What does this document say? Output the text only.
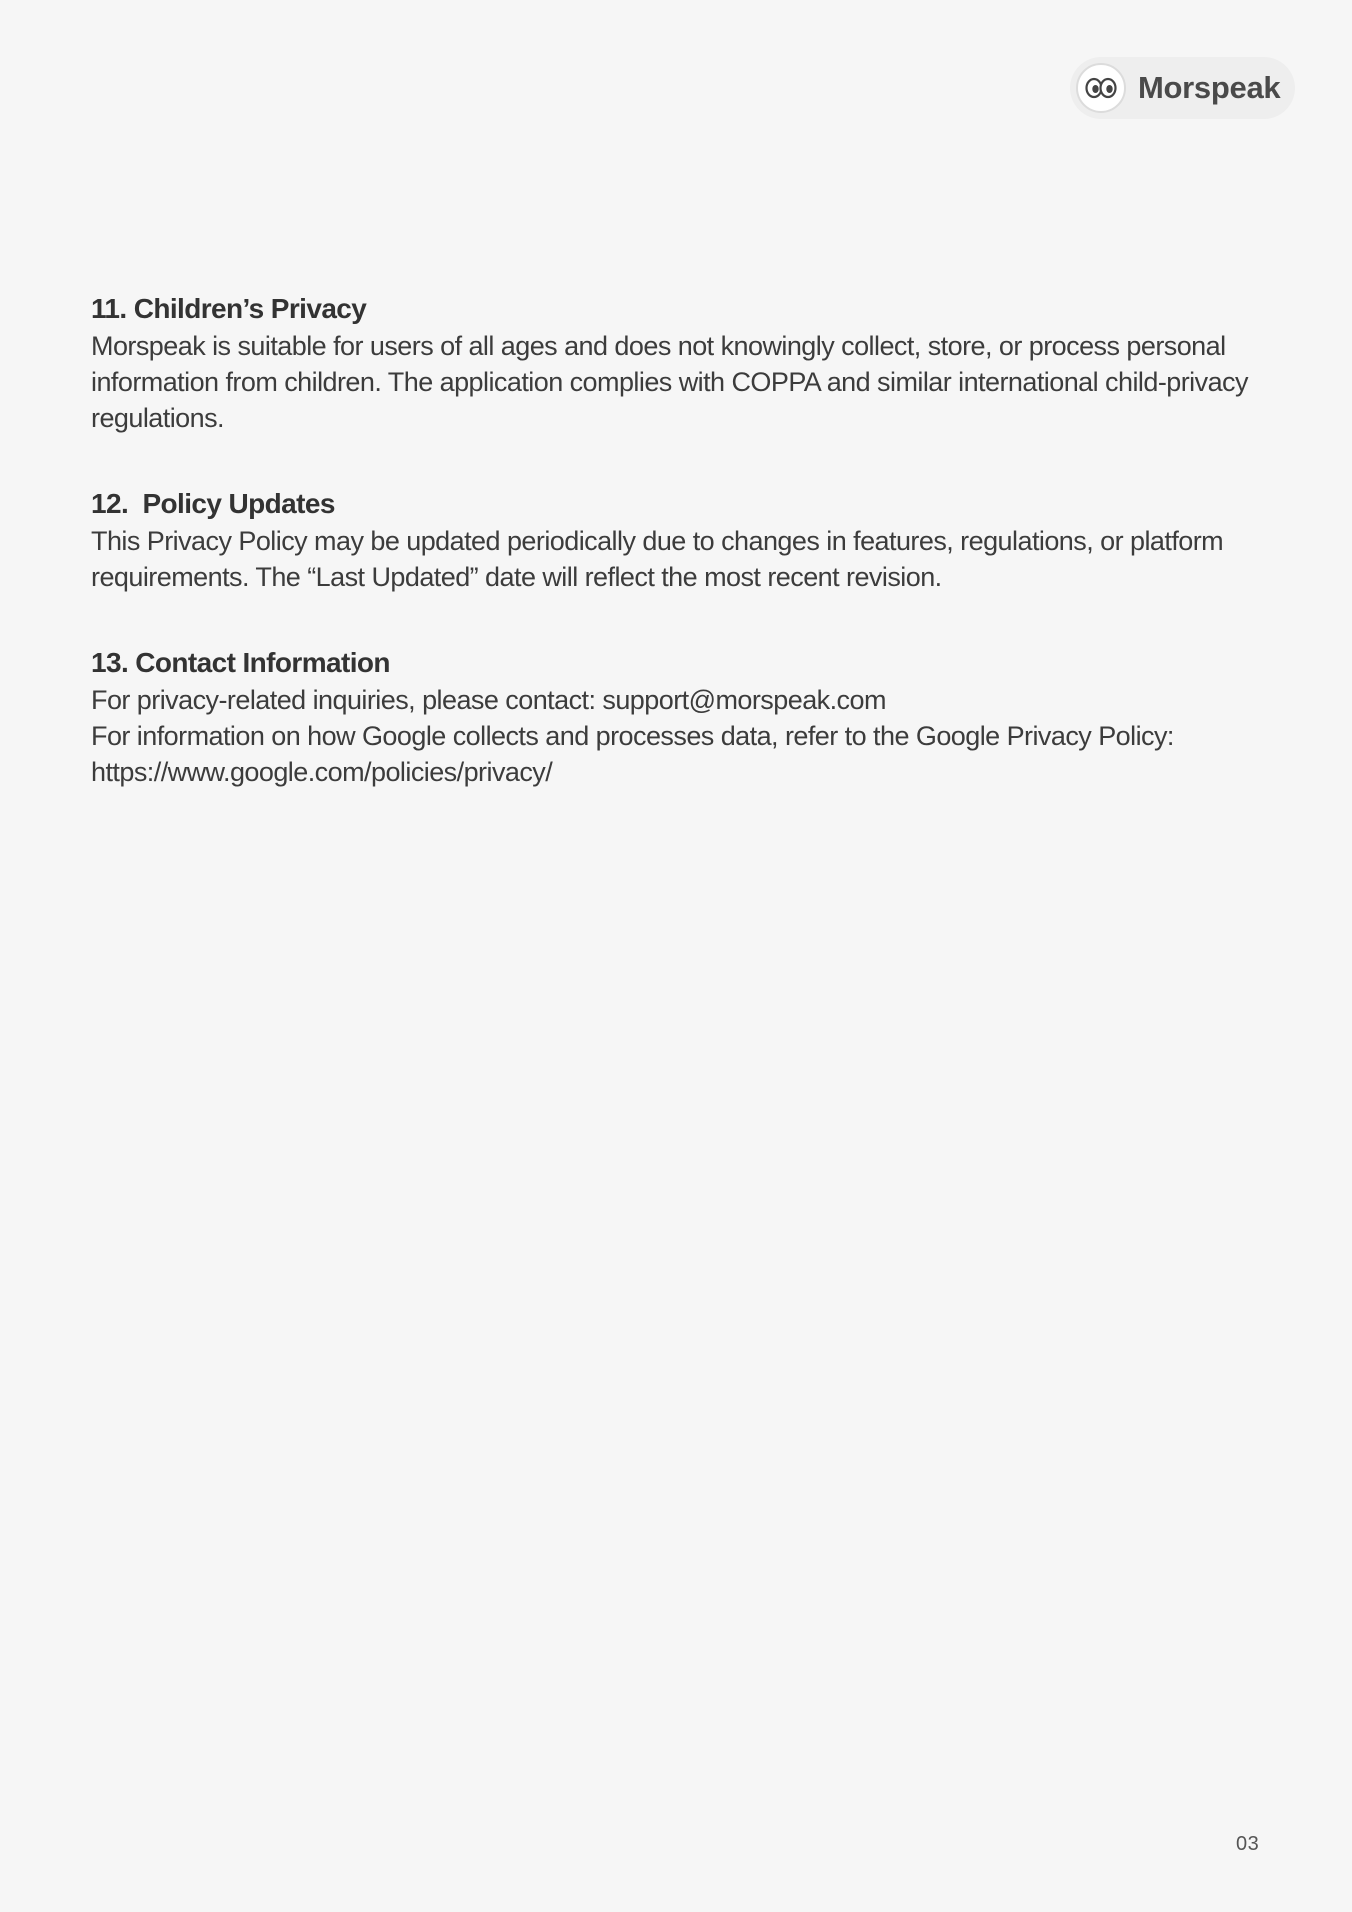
Morspeak
11. Children’s Privacy

Morspeak is suitable for users of all ages and does not knowingly collect, store, or process personal information from children. The application complies with COPPA and similar international child-privacy regulations.

12.  Policy Updates

This Privacy Policy may be updated periodically due to changes in features, regulations, or platform requirements. The “Last Updated” date will reflect the most recent revision.

13. Contact Information

For privacy-related inquiries, please contact: support@morspeak.com

For information on how Google collects and processes data, refer to the Google Privacy Policy: https://www.google.com/policies/privacy/

03
